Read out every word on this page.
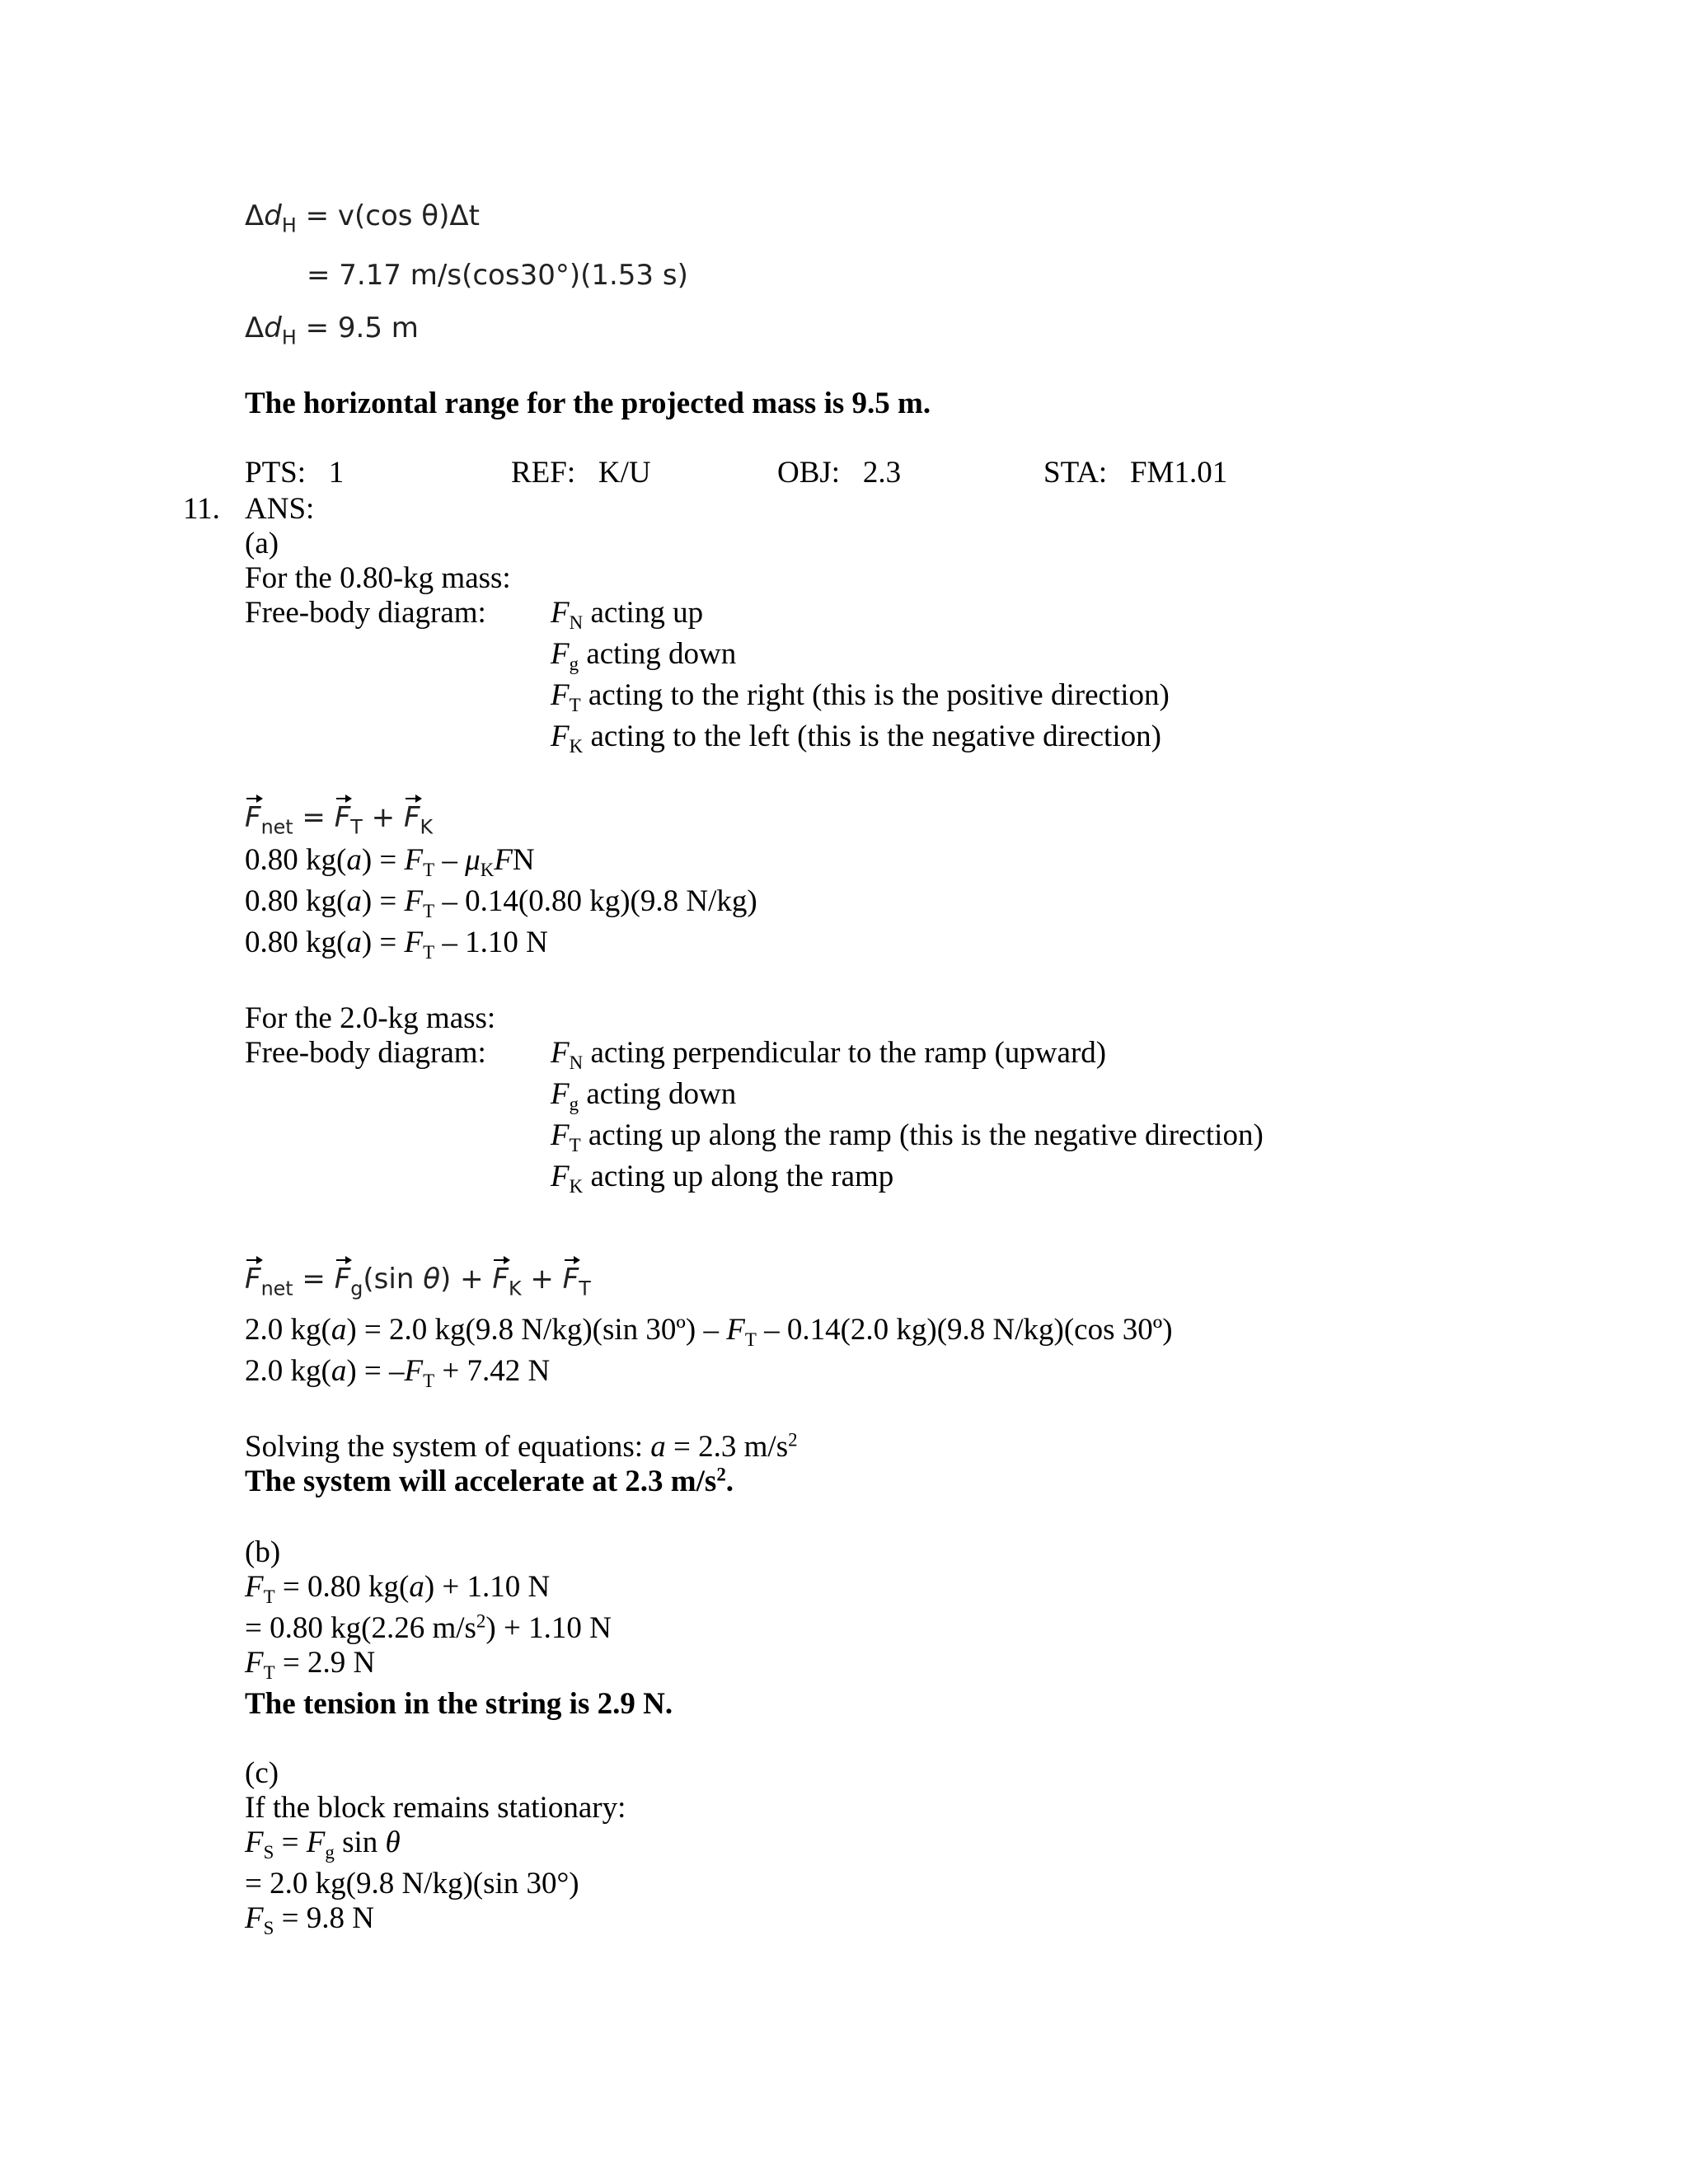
$\Delta d_H = v(\cos$ θ)Δt
= 7.17 m/s(cos30°)(1.53 s)
$\Delta d_H = 9.5$ m
The horizontal range for the projected mass is 9.5 m.
PTS:   1	REF:   K/U	OBJ:   2.3	STA:   FM1.01
11. ANS:
(a)
For the 0.80-kg mass:
Free-body diagram: $F_N$ acting up
$F_g$ acting down
$F_T$ acting to the right (this is the positive direction)
$F_K$ acting to the left (this is the negative direction)
$F_{net} = F_T + F_K$
0.80 $kg(a) = F_T - \mu_KFN$
0.80 $kg(a) = F_T - 0.14(0.80$ kg)(9.8 N/kg)
0.80 $kg(a) = F_T - 1.10$ N
For the 2.0-kg mass:
Free-body diagram: $F_N$ acting perpendicular to the ramp (upward)
$F_g$ acting down
$F_T$ acting up along the ramp (this is the negative direction)
$F_K$ acting up along the ramp
$F_{net} = F_g(\sin$ $\theta) + F_K + F_T$
2.0 kg(a) = 2.0 kg(9.8 N/kg)(sin 30º) – $F_T - 0.14(2.0$ kg)(9.8 N/kg)(cos 30º)
2.0 $kg(a) = -F_T + 7.42$ N
Solving the system of equations: a = 2.3 $m/s^2$
The system will accelerate at 2.3 $m/s^2$.
(b)
$F_T = 0.80$ kg(a) + 1.10 N
= 0.80 kg(2.26 $m/s^2) + 1.10$ N
$F_T = 2.9$ N
The tension in the string is 2.9 N.
(c)
If the block remains stationary:
$F_S = F_g$ sin θ
= 2.0 kg(9.8 N/kg)(sin 30°)
$F_S = 9.8$ N
